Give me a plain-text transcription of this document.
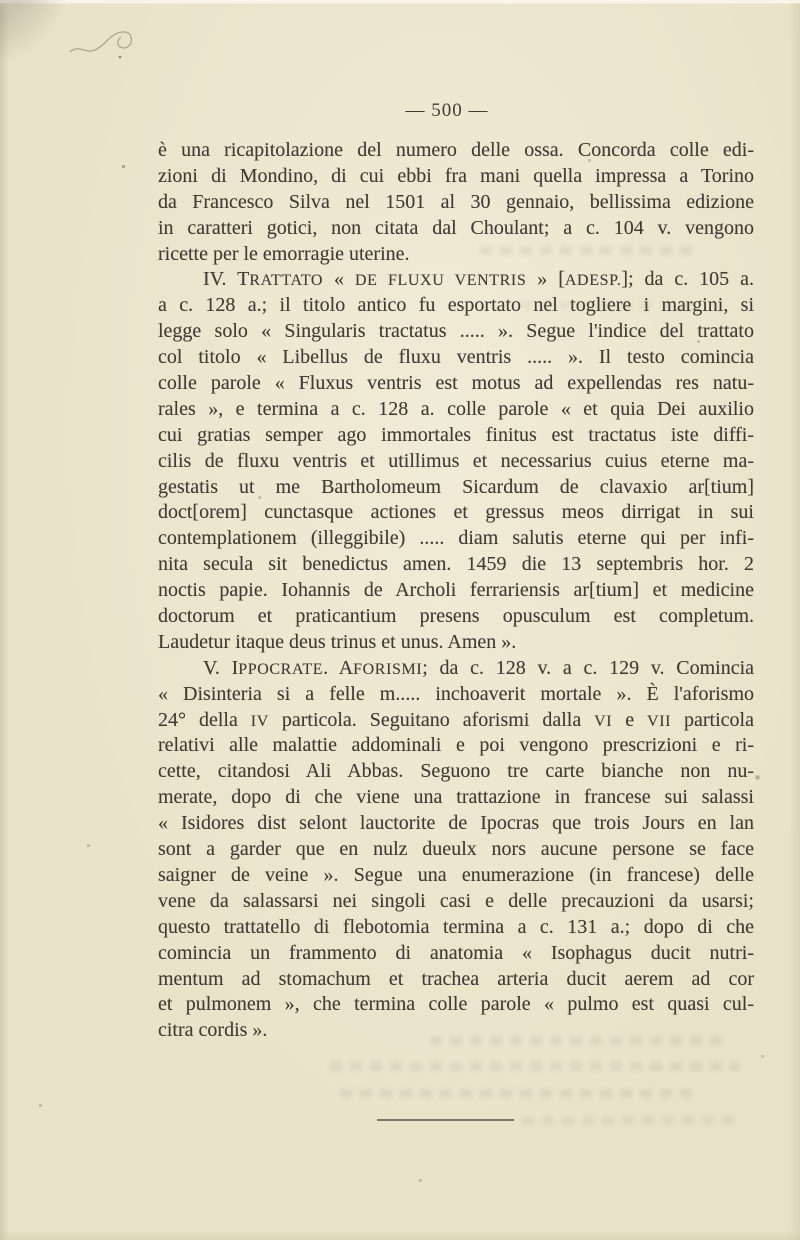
— 500 —
è una ricapitolazione del numero delle ossa. Concorda colle edi-
zioni di Mondino, di cui ebbi fra mani quella impressa a Torino
da Francesco Silva nel 1501 al 30 gennaio, bellissima edizione
in caratteri gotici, non citata dal Choulant; a c. 104 v. vengono
ricette per le emorragie uterine.
IV. TRATTATO « DE FLUXU VENTRIS » [ADESP.]; da c. 105 a.
a c. 128 a.; il titolo antico fu esportato nel togliere i margini, si
legge solo « Singularis tractatus ..... ». Segue l'indice del trattato
col titolo « Libellus de fluxu ventris ..... ». Il testo comincia
colle parole « Fluxus ventris est motus ad expellendas res natu-
rales », e termina a c. 128 a. colle parole « et quia Dei auxilio
cui gratias semper ago immortales finitus est tractatus iste diffi-
cilis de fluxu ventris et utillimus et necessarius cuius eterne ma-
gestatis ut me Bartholomeum Sicardum de clavaxio ar[tium]
doct[orem] cunctasque actiones et gressus meos dirrigat in sui
contemplationem (illeggibile) ..... diam salutis eterne qui per infi-
nita secula sit benedictus amen. 1459 die 13 septembris hor. 2
noctis papie. Iohannis de Archoli ferrariensis ar[tium] et medicine
doctorum et praticantium presens opusculum est completum.
Laudetur itaque deus trinus et unus. Amen ».
V. IPPOCRATE. AFORISMI; da c. 128 v. a c. 129 v. Comincia
« Disinteria si a felle m..... inchoaverit mortale ». È l'aforismo
24° della IV particola. Seguitano aforismi dalla VI e VII particola
relativi alle malattie addominali e poi vengono prescrizioni e ri-
cette, citandosi Ali Abbas. Seguono tre carte bianche non nu-
merate, dopo di che viene una trattazione in francese sui salassi
« Isidores dist selont lauctorite de Ipocras que trois Jours en lan
sont a garder que en nulz dueulx nors aucune persone se face
saigner de veine ». Segue una enumerazione (in francese) delle
vene da salassarsi nei singoli casi e delle precauzioni da usarsi;
questo trattatello di flebotomia termina a c. 131 a.; dopo di che
comincia un frammento di anatomia « Isophagus ducit nutri-
mentum ad stomachum et trachea arteria ducit aerem ad cor
et pulmonem », che termina colle parole « pulmo est quasi cul-
citra cordis ».
